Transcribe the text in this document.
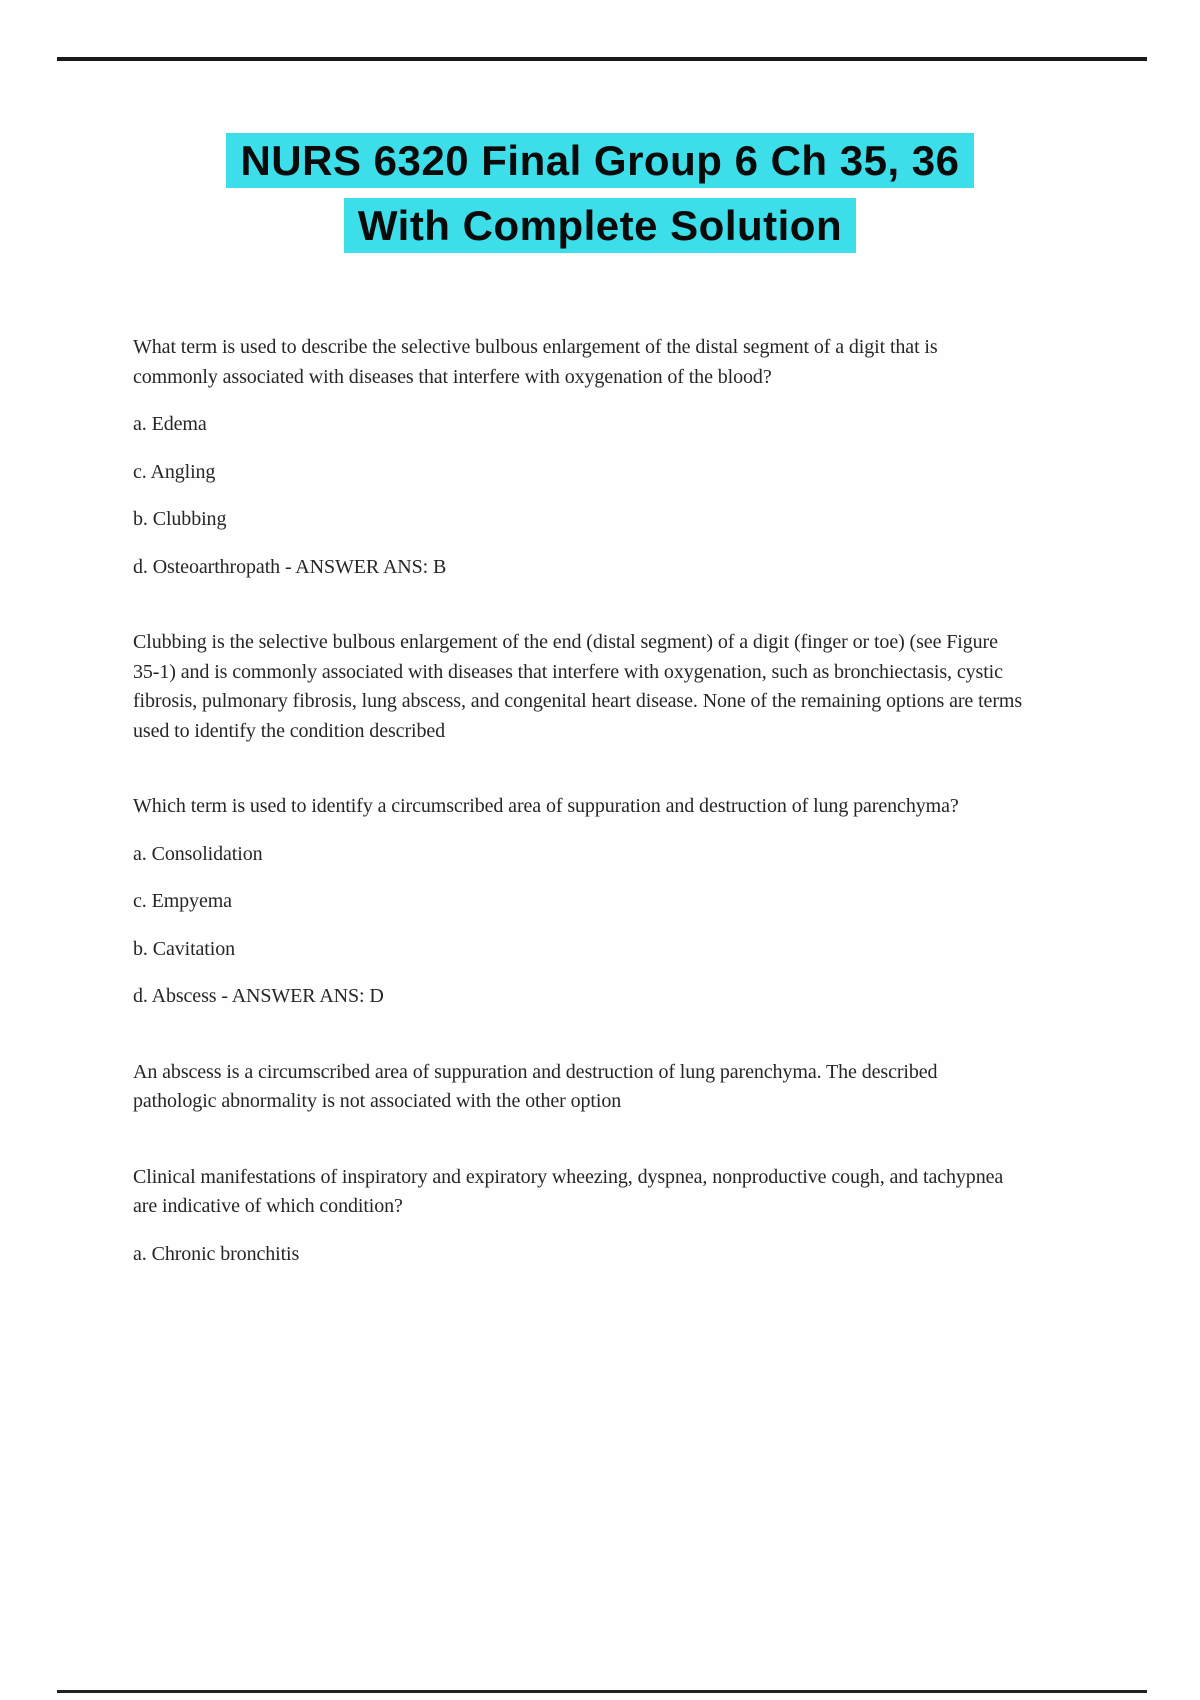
NURS 6320 Final Group 6 Ch 35, 36
With Complete Solution

What term is used to describe the selective bulbous enlargement of the distal segment of a digit that is commonly associated with diseases that interfere with oxygenation of the blood?

a. Edema

c. Angling

b. Clubbing

d. Osteoarthropath - ANSWER ANS: B

Clubbing is the selective bulbous enlargement of the end (distal segment) of a digit (finger or toe) (see Figure 35-1) and is commonly associated with diseases that interfere with oxygenation, such as bronchiectasis, cystic fibrosis, pulmonary fibrosis, lung abscess, and congenital heart disease. None of the remaining options are terms used to identify the condition described

Which term is used to identify a circumscribed area of suppuration and destruction of lung parenchyma?

a. Consolidation

c. Empyema

b. Cavitation

d. Abscess - ANSWER ANS: D

An abscess is a circumscribed area of suppuration and destruction of lung parenchyma. The described pathologic abnormality is not associated with the other option

Clinical manifestations of inspiratory and expiratory wheezing, dyspnea, nonproductive cough, and tachypnea are indicative of which condition?

a. Chronic bronchitis
